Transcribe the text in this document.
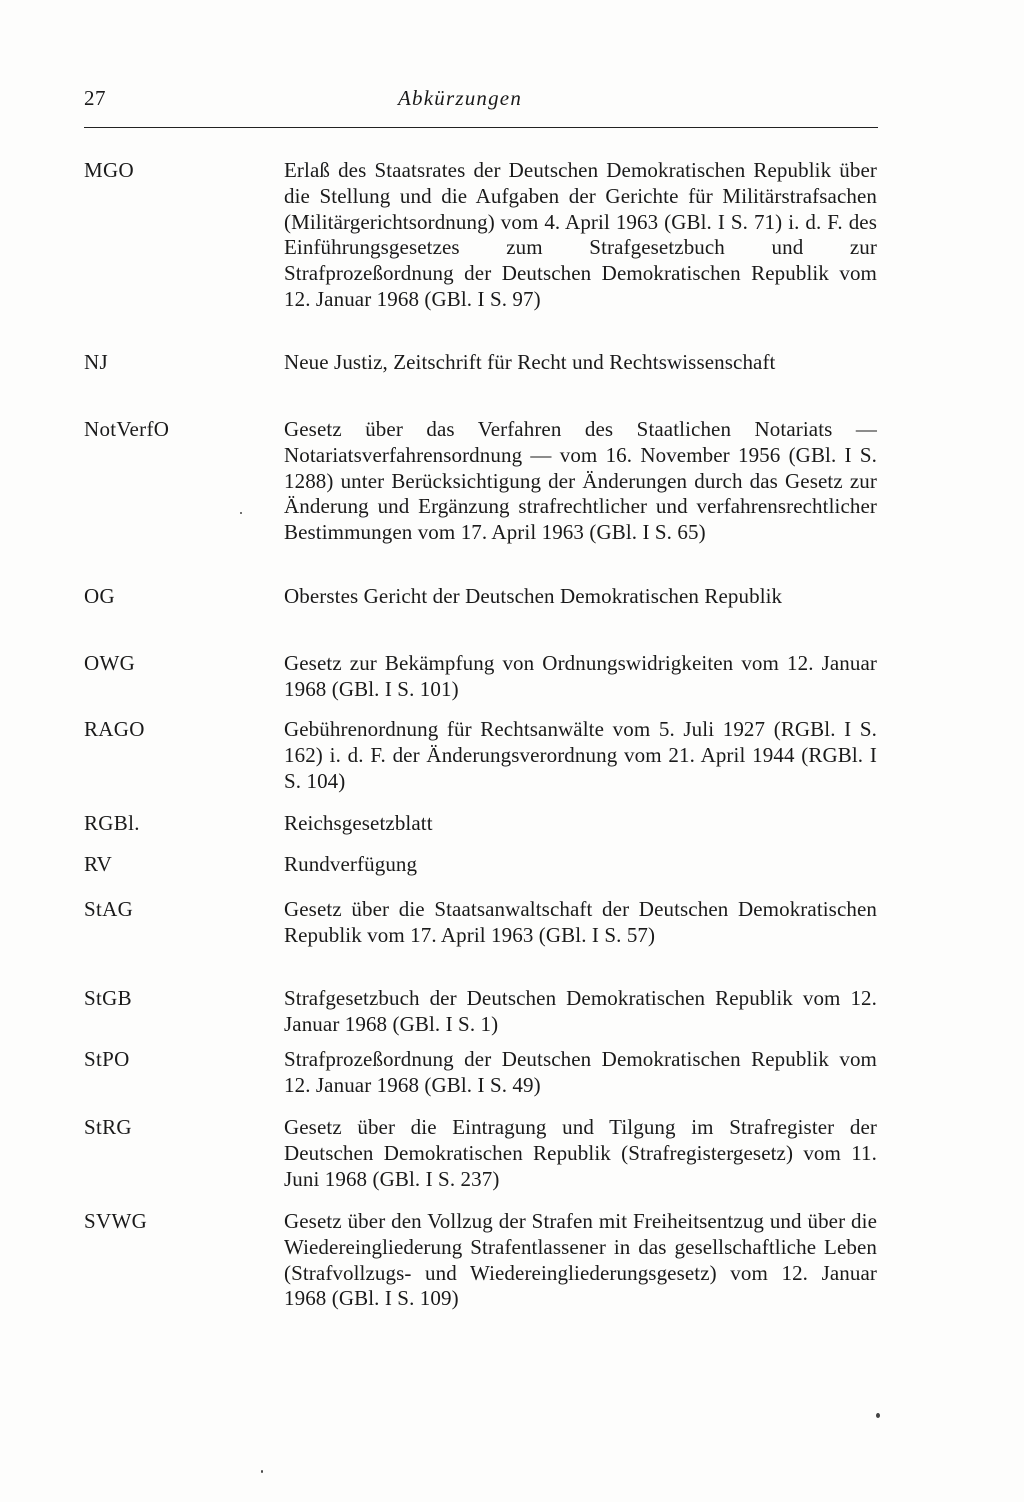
27	Abkürzungen
MGO	Erlaß des Staatsrates der Deutschen Demokratischen Republik über die Stellung und die Aufgaben der Gerichte für Militärstrafsachen (Militärgerichtsordnung) vom 4. April 1963 (GBl. I S. 71) i. d. F. des Einführungsgesetzes zum Strafgesetzbuch und zur Strafprozeßordnung der Deutschen Demokratischen Republik vom 12. Januar 1968 (GBl. I S. 97)
NJ	Neue Justiz, Zeitschrift für Recht und Rechtswissenschaft
NotVerfO	Gesetz über das Verfahren des Staatlichen Notariats — Notariatsverfahrensordnung — vom 16. November 1956 (GBl. I S. 1288) unter Berücksichtigung der Änderungen durch das Gesetz zur Änderung und Ergänzung strafrechtlicher und verfahrensrechtlicher Bestimmungen vom 17. April 1963 (GBl. I S. 65)
OG	Oberstes Gericht der Deutschen Demokratischen Republik
OWG	Gesetz zur Bekämpfung von Ordnungswidrigkeiten vom 12. Januar 1968 (GBl. I S. 101)
RAGO	Gebührenordnung für Rechtsanwälte vom 5. Juli 1927 (RGBl. I S. 162) i. d. F. der Änderungsverordnung vom 21. April 1944 (RGBl. I S. 104)
RGBl.	Reichsgesetzblatt
RV	Rundverfügung
StAG	Gesetz über die Staatsanwaltschaft der Deutschen Demokratischen Republik vom 17. April 1963 (GBl. I S. 57)
StGB	Strafgesetzbuch der Deutschen Demokratischen Republik vom 12. Januar 1968 (GBl. I S. 1)
StPO	Strafprozeßordnung der Deutschen Demokratischen Republik vom 12. Januar 1968 (GBl. I S. 49)
StRG	Gesetz über die Eintragung und Tilgung im Strafregister der Deutschen Demokratischen Republik (Strafregistergesetz) vom 11. Juni 1968 (GBl. I S. 237)
SVWG	Gesetz über den Vollzug der Strafen mit Freiheitsentzug und über die Wiedereingliederung Strafentlassener in das gesellschaftliche Leben (Strafvollzugs- und Wiedereingliederungsgesetz) vom 12. Januar 1968 (GBl. I S. 109)
